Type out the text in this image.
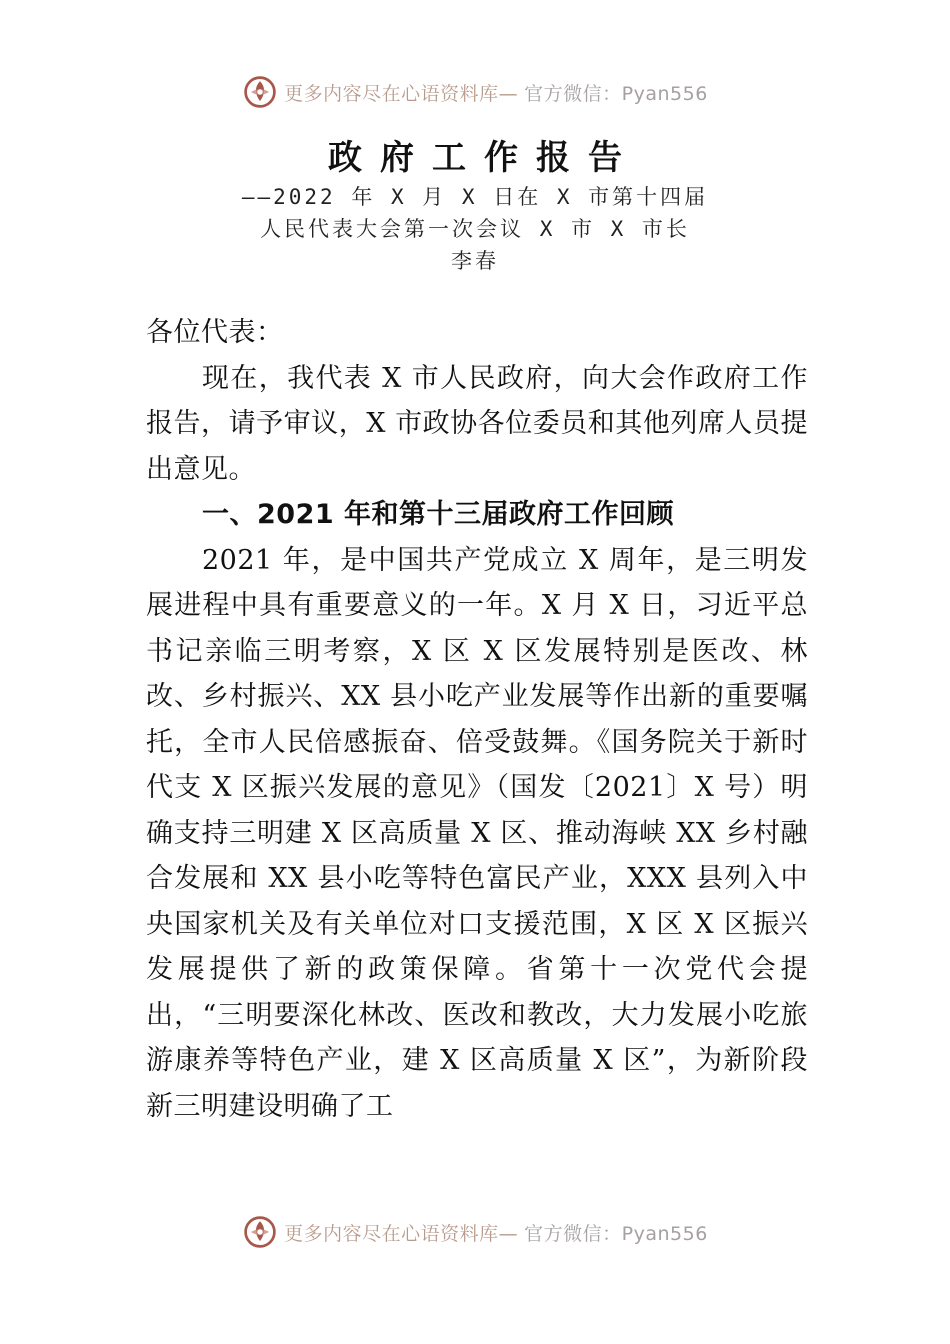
更多内容尽在心语资料库— 官方微信：Pyan556
政府工作报告
——2022 年 X 月 X 日在 X 市第十四届
人民代表大会第一次会议 X 市 X 市长
李春

各位代表：

现在，我代表 X 市人民政府，向大会作政府工作报告，请予审议，X 市政协各位委员和其他列席人员提出意见。

一、2021 年和第十三届政府工作回顾

2021 年，是中国共产党成立 X 周年，是三明发展进程中具有重要意义的一年。X 月 X 日，习近平总书记亲临三明考察，X 区 X 区发展特别是医改、林改、乡村振兴、XX 县小吃产业发展等作出新的重要嘱托，全市人民倍感振奋、倍受鼓舞。《国务院关于新时代支 X 区振兴发展的意见》（国发〔2021〕X 号）明确支持三明建 X 区高质量 X 区、推动海峡 XX 乡村融合发展和 XX 县小吃等特色富民产业，XXX 县列入中央国家机关及有关单位对口支援范围，X 区 X 区振兴发展提供了新的政策保障。省第十一次党代会提出，“三明要深化林改、医改和教改，大力发展小吃旅游康养等特色产业，建 X 区高质量 X 区”，为新阶段新三明建设明确了工

更多内容尽在心语资料库— 官方微信：Pyan556
